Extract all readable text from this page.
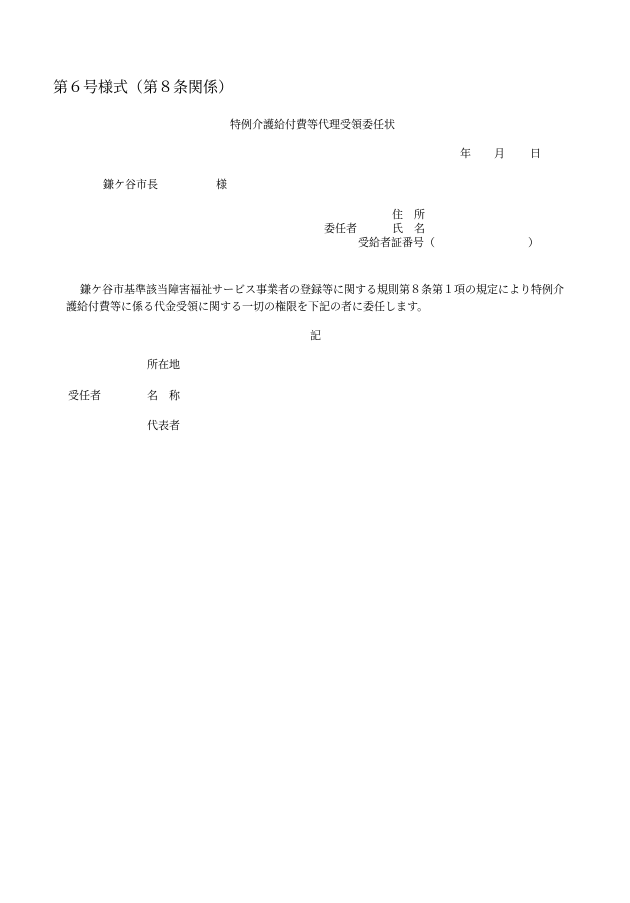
第６号様式（第８条関係）
特例介護給付費等代理受領委任状
年 月 日
鎌ケ谷市長	様
住　所
委任者	氏　名
受給者証番号（	）
鎌ケ谷市基準該当障害福祉サービス事業者の登録等に関する規則第８条第１項の規定により特例介護給付費等に係る代金受領に関する一切の権限を下記の者に委任します。
記
所在地
受任者	名　称
代表者
